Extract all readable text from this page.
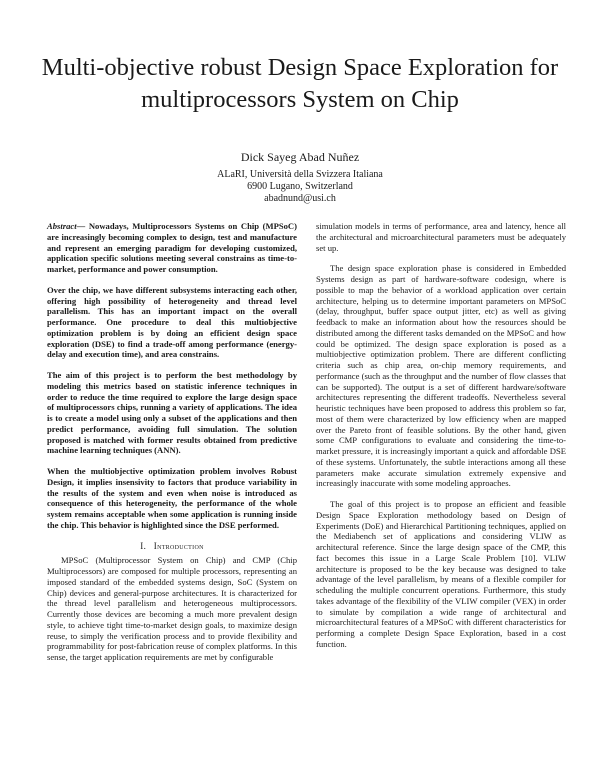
Multi-objective robust Design Space Exploration for multiprocessors System on Chip
Dick Sayeg Abad Nuñez
ALaRI, Università della Svizzera Italiana
6900 Lugano, Switzerland
abadnund@usi.ch

Abstract— Nowadays, Multiprocessors Systems on Chip (MPSoC) are increasingly becoming complex to design, test and manufacture and represent an emerging paradigm for developing customized, application specific solutions meeting several constrains as time-to-market, performance and power consumption.

Over the chip, we have different subsystems interacting each other, offering high possibility of heterogeneity and thread level parallelism. This has an important impact on the overall performance. One procedure to deal this multiobjective optimization problem is by doing an efficient design space exploration (DSE) to find a trade-off among performance (energy-delay and execution time), and area constrains.

The aim of this project is to perform the best methodology by modeling this metrics based on statistic inference techniques in order to reduce the time required to explore the large design space of multiprocessors chips, running a variety of applications. The idea is to create a model using only a subset of the applications and then predict performance, avoiding full simulation. The solution proposed is matched with former results obtained from predictive machine learning techniques (ANN).

When the multiobjective optimization problem involves Robust Design, it implies insensivity to factors that produce variability in the results of the system and even when noise is introduced as consequence of this heterogeneity, the performance of the whole system remains acceptable when some application is running inside the chip. This behavior is highlighted since the DSE performed.

I. Introduction

MPSoC (Multiprocessor System on Chip) and CMP (Chip Multiprocessors) are composed for multiple processors, representing an imposed standard of the embedded systems design, SoC (System on Chip) devices and general-purpose architectures. It is characterized for the thread level parallelism and heterogeneous multiprocessors. Currently those devices are becoming a much more prevalent design style, to achieve tight time-to-market design goals, to maximize design reuse, to simply the verification process and to provide flexibility and programmability for post-fabrication reuse of complex platforms. In this sense, the target application requirements are met by configurable

simulation models in terms of performance, area and latency, hence all the architectural and microarchitectural parameters must be adequately set up.

The design space exploration phase is considered in Embedded Systems design as part of hardware-software codesign, where is possible to map the behavior of a workload application over certain architecture, helping us to determine important parameters on MPSoC (delay, throughput, buffer space output jitter, etc) as well as giving feedback to make an information about how the resources should be distributed among the different tasks demanded on the MPSoC and how could be optimized. The design space exploration is posed as a multiobjective optimization problem. There are different conflicting criteria such as chip area, on-chip memory requirements, and performance (such as the throughput and the number of flow classes that can be supported). The output is a set of different hardware/software architectures representing the different tradeoffs. Nevertheless several heuristic techniques have been proposed to address this problem so far, most of them were characterized by low efficiency when are mapped over the Pareto front of feasible solutions. By the other hand, given some CMP configurations to evaluate and considering the time-to-market pressure, it is increasingly important a quick and affordable DSE of these systems. Unfortunately, the subtle interactions among all these parameters make accurate simulation extremely expensive and increasingly inaccurate with some modeling approaches.

The goal of this project is to propose an efficient and feasible Design Space Exploration methodology based on Design of Experiments (DoE) and Hierarchical Partitioning techniques, applied on the Mediabench set of applications and considering VLIW as architectural reference. Since the large design space of the CMP, this fact becomes this issue in a Large Scale Problem [10]. VLIW architecture is proposed to be the key because was designed to take advantage of the level parallelism, by means of a flexible compiler for scheduling the multiple concurrent operations. Furthermore, this study takes advantage of the flexibility of the VLIW compiler (VEX) in order to simulate by compilation a wide range of architectural and microarchitectural features of a MPSoC with different characteristics for performing a complete Design Space Exploration, based in a cost function.
